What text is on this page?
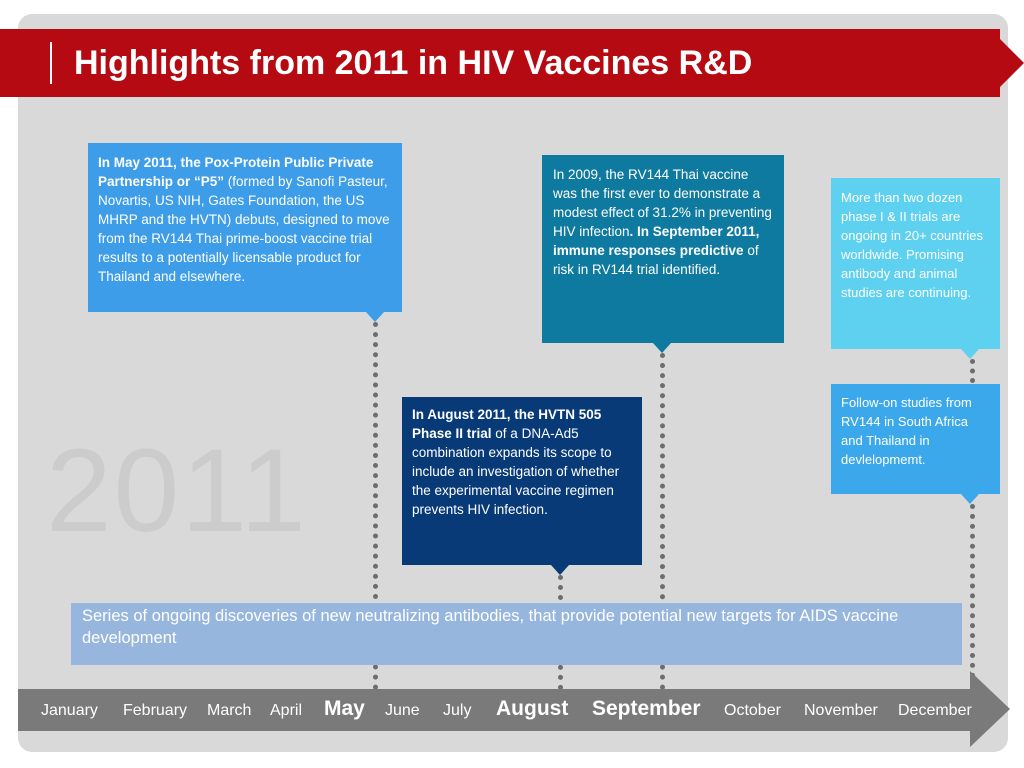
Highlights from 2011 in HIV Vaccines R&D
2011
In May 2011, the Pox-Protein Public Private Partnership or “P5” (formed by Sanofi Pasteur, Novartis, US NIH, Gates Foundation, the US MHRP and the HVTN) debuts, designed to move from the RV144 Thai prime-boost vaccine trial results to a potentially licensable product for Thailand and elsewhere.
In 2009, the RV144 Thai vaccine was the first ever to demonstrate a modest effect of 31.2% in preventing HIV infection. In September 2011, immune responses predictive of risk in RV144 trial identified.
In August 2011, the HVTN 505 Phase II trial of a DNA-Ad5 combination expands its scope to include an investigation of whether the experimental vaccine regimen prevents HIV infection.
More than two dozen phase I & II trials are ongoing in 20+ countries worldwide. Promising antibody and animal studies are continuing.
Follow-on studies from RV144 in South Africa and Thailand in devlelopmemt.
Series of ongoing discoveries of new neutralizing antibodies, that provide potential new targets for AIDS vaccine development
January February March April May June July August September October November December
